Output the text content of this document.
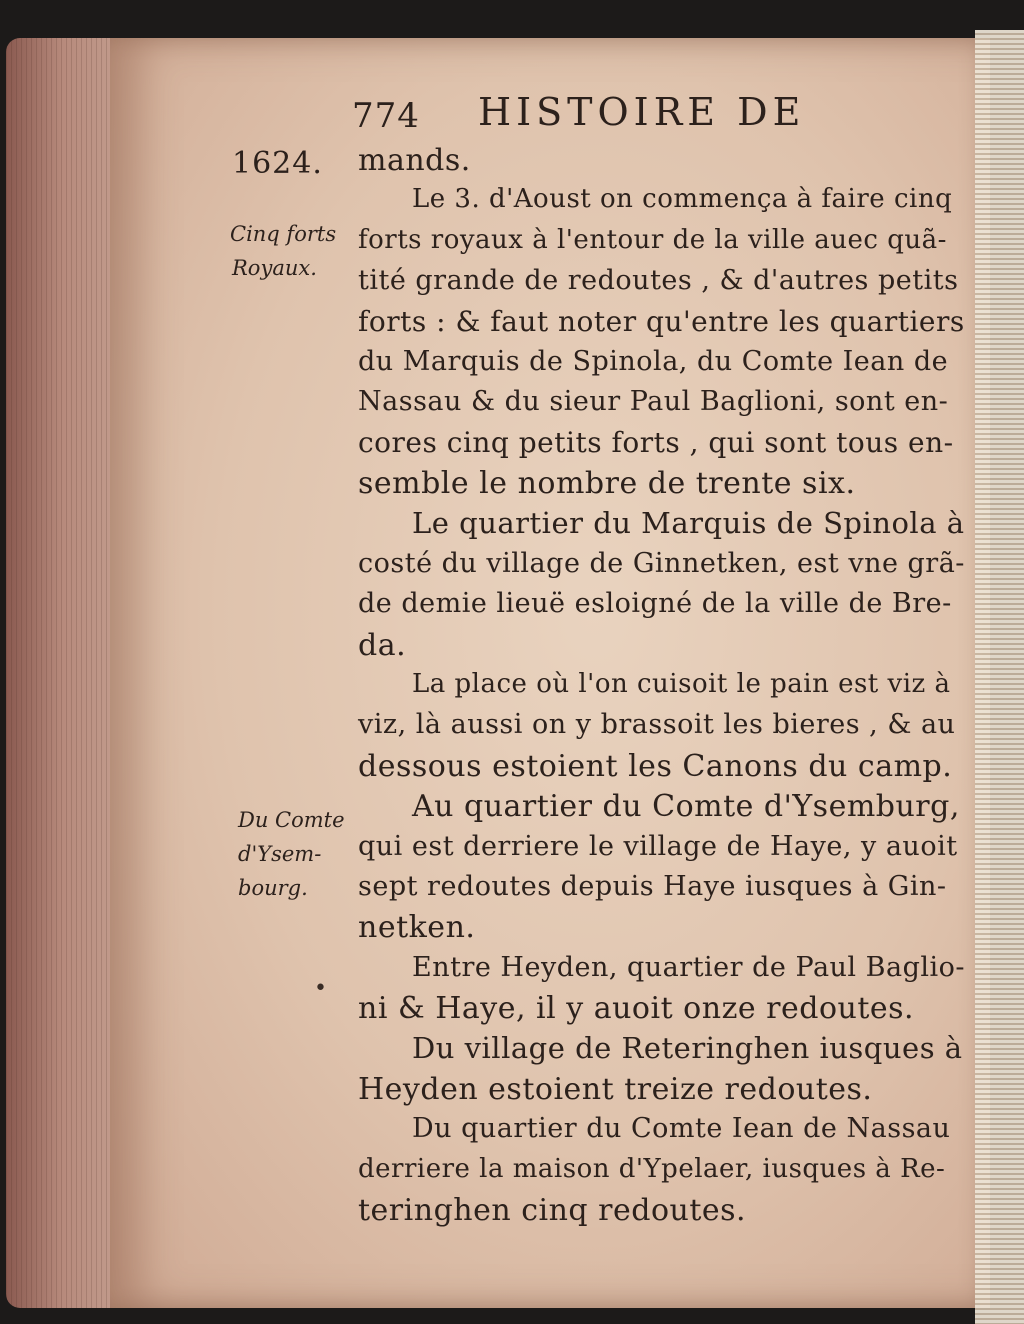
774 HISTOIRE DE
1624.
Cinq forts
Royaux.
Du Comte
d'Ysem-
bourg.
•
mands.
Le 3. d'Aoust on commença à faire cinq
forts royaux à l'entour de la ville auec quã-
tité grande de redoutes , & d'autres petits
forts : & faut noter qu'entre les quartiers
du Marquis de Spinola, du Comte Iean de
Nassau & du sieur Paul Baglioni, sont en-
cores cinq petits forts , qui sont tous en-
semble le nombre de trente six.
Le quartier du Marquis de Spinola à
costé du village de Ginnetken, est vne grã-
de demie lieuë esloigné de la ville de Bre-
da.
La place où l'on cuisoit le pain est viz à
viz, là aussi on y brassoit les bieres , & au
dessous estoient les Canons du camp.
Au quartier du Comte d'Ysemburg,
qui est derriere le village de Haye, y auoit
sept redoutes depuis Haye iusques à Gin-
netken.
Entre Heyden, quartier de Paul Baglio-
ni & Haye, il y auoit onze redoutes.
Du village de Reteringhen iusques à
Heyden estoient treize redoutes.
Du quartier du Comte Iean de Nassau
derriere la maison d'Ypelaer, iusques à Re-
teringhen cinq redoutes.
